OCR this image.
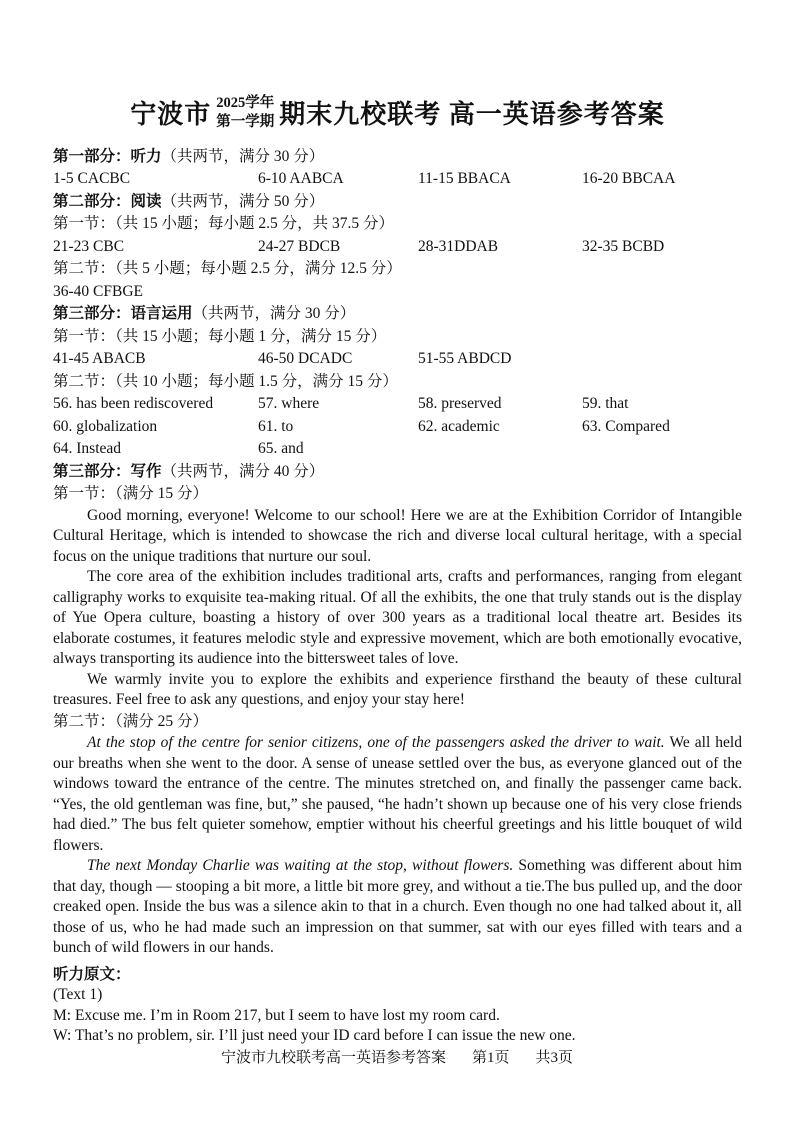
宁波市 2025学年
第一学期 期末九校联考 高一英语参考答案
第一部分：听力（共两节，满分 30 分）
1-5 CACBC	6-10 AABCA	11-15 BBACA	16-20 BBCAA
第二部分：阅读（共两节，满分 50 分）
第一节：（共 15 小题；每小题 2.5 分，共 37.5 分）
21-23 CBC	24-27 BDCB	28-31DDAB	32-35 BCBD
第二节：（共 5 小题；每小题 2.5 分，满分 12.5 分）
36-40 CFBGE
第三部分：语言运用（共两节，满分 30 分）
第一节：（共 15 小题；每小题 1 分，满分 15 分）
41-45 ABACB	46-50 DCADC	51-55 ABDCD
第二节：（共 10 小题；每小题 1.5 分，满分 15 分）
56. has been rediscovered	57. where	58. preserved	59. that
60. globalization	61. to	62. academic	63. Compared
64. Instead	65. and
第三部分：写作（共两节，满分 40 分）
第一节：（满分 15 分）

Good morning, everyone! Welcome to our school! Here we are at the Exhibition Corridor of Intangible Cultural Heritage, which is intended to showcase the rich and diverse local cultural heritage, with a special focus on the unique traditions that nurture our soul.

The core area of the exhibition includes traditional arts, crafts and performances, ranging from elegant calligraphy works to exquisite tea-making ritual. Of all the exhibits, the one that truly stands out is the display of Yue Opera culture, boasting a history of over 300 years as a traditional local theatre art. Besides its elaborate costumes, it features melodic style and expressive movement, which are both emotionally evocative, always transporting its audience into the bittersweet tales of love.

We warmly invite you to explore the exhibits and experience firsthand the beauty of these cultural treasures. Feel free to ask any questions, and enjoy your stay here!

第二节：（满分 25 分）

At the stop of the centre for senior citizens, one of the passengers asked the driver to wait. We all held our breaths when she went to the door. A sense of unease settled over the bus, as everyone glanced out of the windows toward the entrance of the centre. The minutes stretched on, and finally the passenger came back. “Yes, the old gentleman was fine, but,” she paused, “he hadn’t shown up because one of his very close friends had died.” The bus felt quieter somehow, emptier without his cheerful greetings and his little bouquet of wild flowers.

The next Monday Charlie was waiting at the stop, without flowers. Something was different about him that day, though — stooping a bit more, a little bit more grey, and without a tie.The bus pulled up, and the door creaked open. Inside the bus was a silence akin to that in a church. Even though no one had talked about it, all those of us, who he had made such an impression on that summer, sat with our eyes filled with tears and a bunch of wild flowers in our hands.

听力原文：
(Text 1)
M: Excuse me. I’m in Room 217, but I seem to have lost my room card.
W: That’s no problem, sir. I’ll just need your ID card before I can issue the new one.
宁波市九校联考高一英语参考答案 第1页 共3页
